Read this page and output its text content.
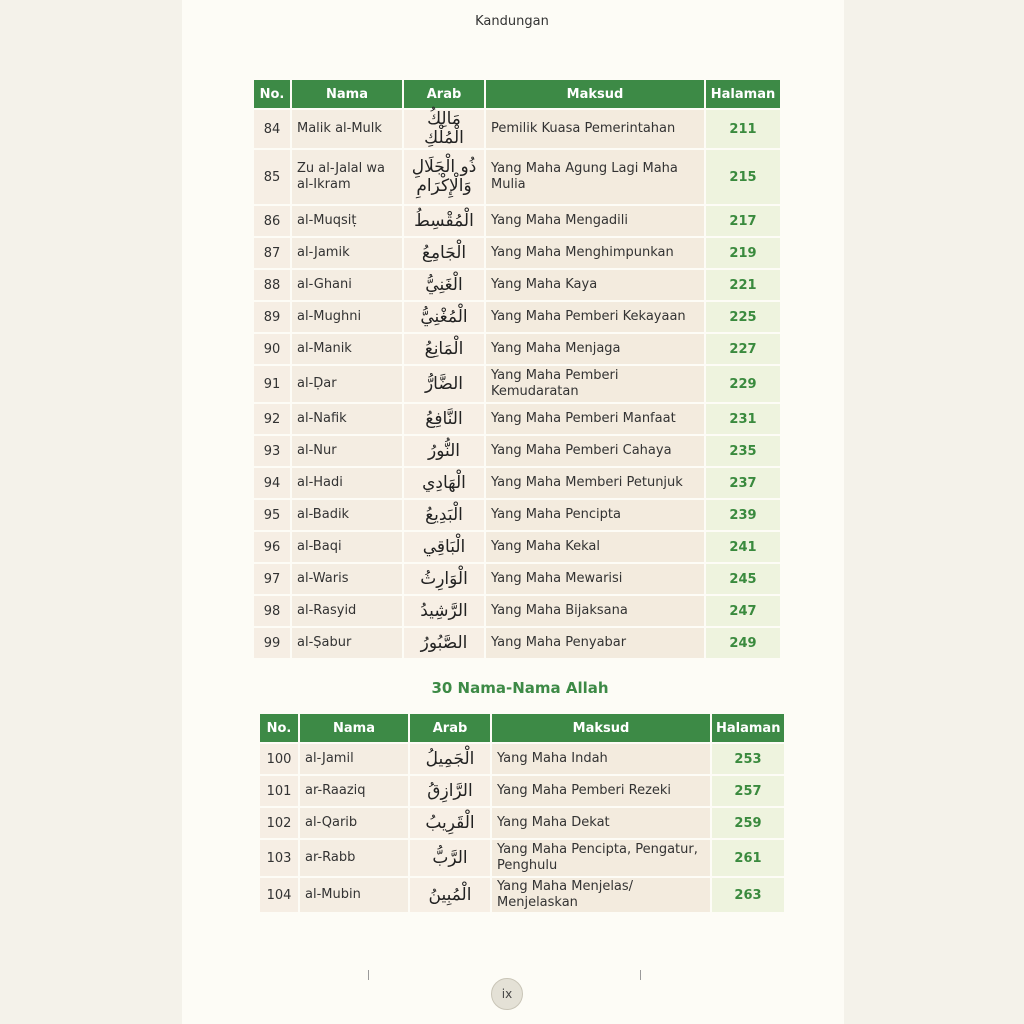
Kandungan
No.	Nama	Arab	Maksud	Halaman
84	Malik al-Mulk	مَالِكُ الْمُلْكِ	Pemilik Kuasa Pemerintahan	211
85	Zu al-Jalal wa al-Ikram	ذُو الْجَلَالِ وَالْإِكْرَامِ	Yang Maha Agung Lagi Maha Mulia	215
86	al-Muqsiṭ	الْمُقْسِطُ	Yang Maha Mengadili	217
87	al-Jamik	الْجَامِعُ	Yang Maha Menghimpunkan	219
88	al-Ghani	الْغَنِيُّ	Yang Maha Kaya	221
89	al-Mughni	الْمُغْنِيُّ	Yang Maha Pemberi Kekayaan	225
90	al-Manik	الْمَانِعُ	Yang Maha Menjaga	227
91	al-Ḍar	الضَّارُّ	Yang Maha Pemberi Kemudaratan	229
92	al-Nafik	النَّافِعُ	Yang Maha Pemberi Manfaat	231
93	al-Nur	النُّورُ	Yang Maha Pemberi Cahaya	235
94	al-Hadi	الْهَادِي	Yang Maha Memberi Petunjuk	237
95	al-Badik	الْبَدِيعُ	Yang Maha Pencipta	239
96	al-Baqi	الْبَاقِي	Yang Maha Kekal	241
97	al-Waris	الْوَارِثُ	Yang Maha Mewarisi	245
98	al-Rasyid	الرَّشِيدُ	Yang Maha Bijaksana	247
99	al-Ṣabur	الصَّبُورُ	Yang Maha Penyabar	249
30 Nama-Nama Allah
No.	Nama	Arab	Maksud	Halaman
100	al-Jamil	الْجَمِيلُ	Yang Maha Indah	253
101	ar-Raaziq	الرَّازِقُ	Yang Maha Pemberi Rezeki	257
102	al-Qarib	الْقَرِيبُ	Yang Maha Dekat	259
103	ar-Rabb	الرَّبُّ	Yang Maha Pencipta, Pengatur, Penghulu	261
104	al-Mubin	الْمُبِينُ	Yang Maha Menjelas/ Menjelaskan	263
ix
